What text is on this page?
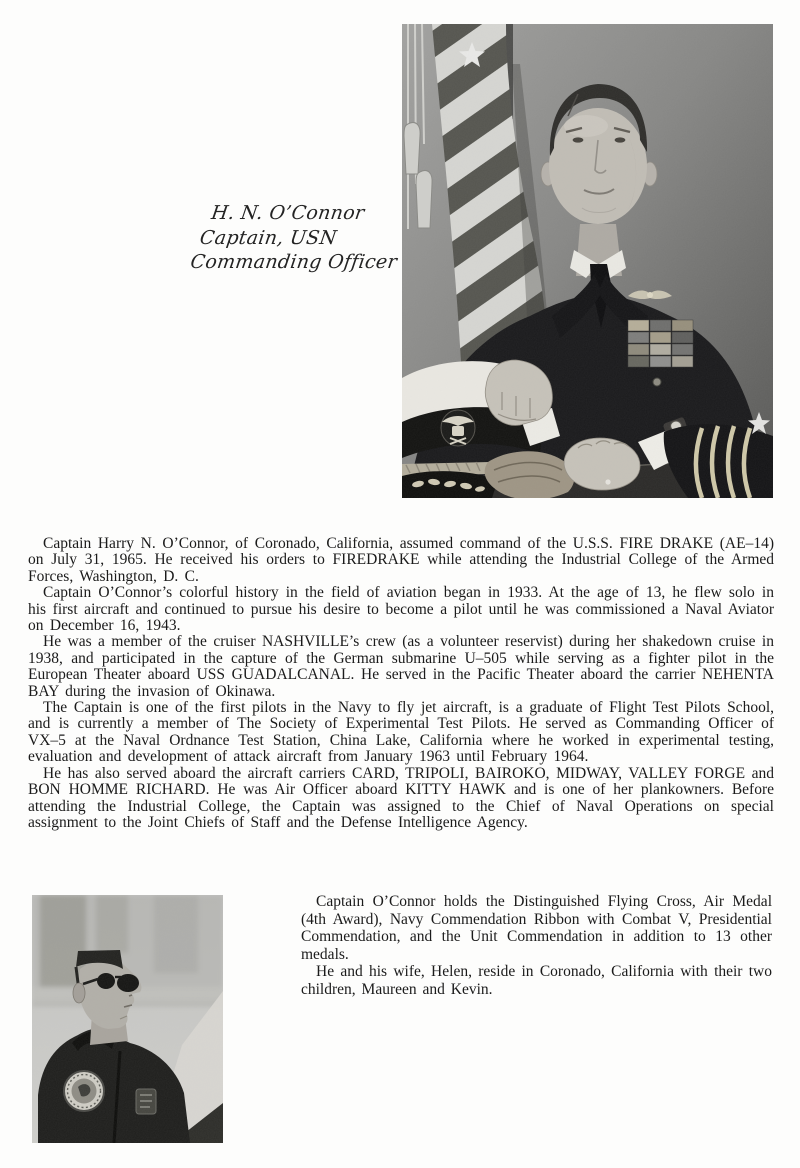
H. N. O’Connor
Captain, USN
Commanding Officer

Captain Harry N. O’Connor, of Coronado, California, assumed command of the U.S.S. FIRE DRAKE (AE–14) on July 31, 1965. He received his orders to FIREDRAKE while attending the Industrial College of the Armed Forces, Washington, D. C.

Captain O’Connor’s colorful history in the field of aviation began in 1933. At the age of 13, he flew solo in his first aircraft and continued to pursue his desire to become a pilot until he was commissioned a Naval Aviator on December 16, 1943.

He was a member of the cruiser NASHVILLE’s crew (as a volunteer reservist) during her shakedown cruise in 1938, and participated in the capture of the German submarine U–505 while serving as a fighter pilot in the European Theater aboard USS GUADALCANAL. He served in the Pacific Theater aboard the carrier NEHENTA BAY during the invasion of Okinawa.

The Captain is one of the first pilots in the Navy to fly jet aircraft, is a graduate of Flight Test Pilots School, and is currently a member of The Society of Experimental Test Pilots. He served as Commanding Officer of VX–5 at the Naval Ordnance Test Station, China Lake, California where he worked in experimental testing, evaluation and development of attack aircraft from January 1963 until February 1964.

He has also served aboard the aircraft carriers CARD, TRIPOLI, BAIROKO, MIDWAY, VALLEY FORGE and BON HOMME RICHARD. He was Air Officer aboard KITTY HAWK and is one of her plankowners. Before attending the Industrial College, the Captain was assigned to the Chief of Naval Operations on special assignment to the Joint Chiefs of Staff and the Defense Intelligence Agency.

Captain O’Connor holds the Distinguished Flying Cross, Air Medal (4th Award), Navy Commendation Ribbon with Combat V, Presidential Commendation, and the Unit Commendation in addition to 13 other medals.

He and his wife, Helen, reside in Coronado, California with their two children, Maureen and Kevin.
